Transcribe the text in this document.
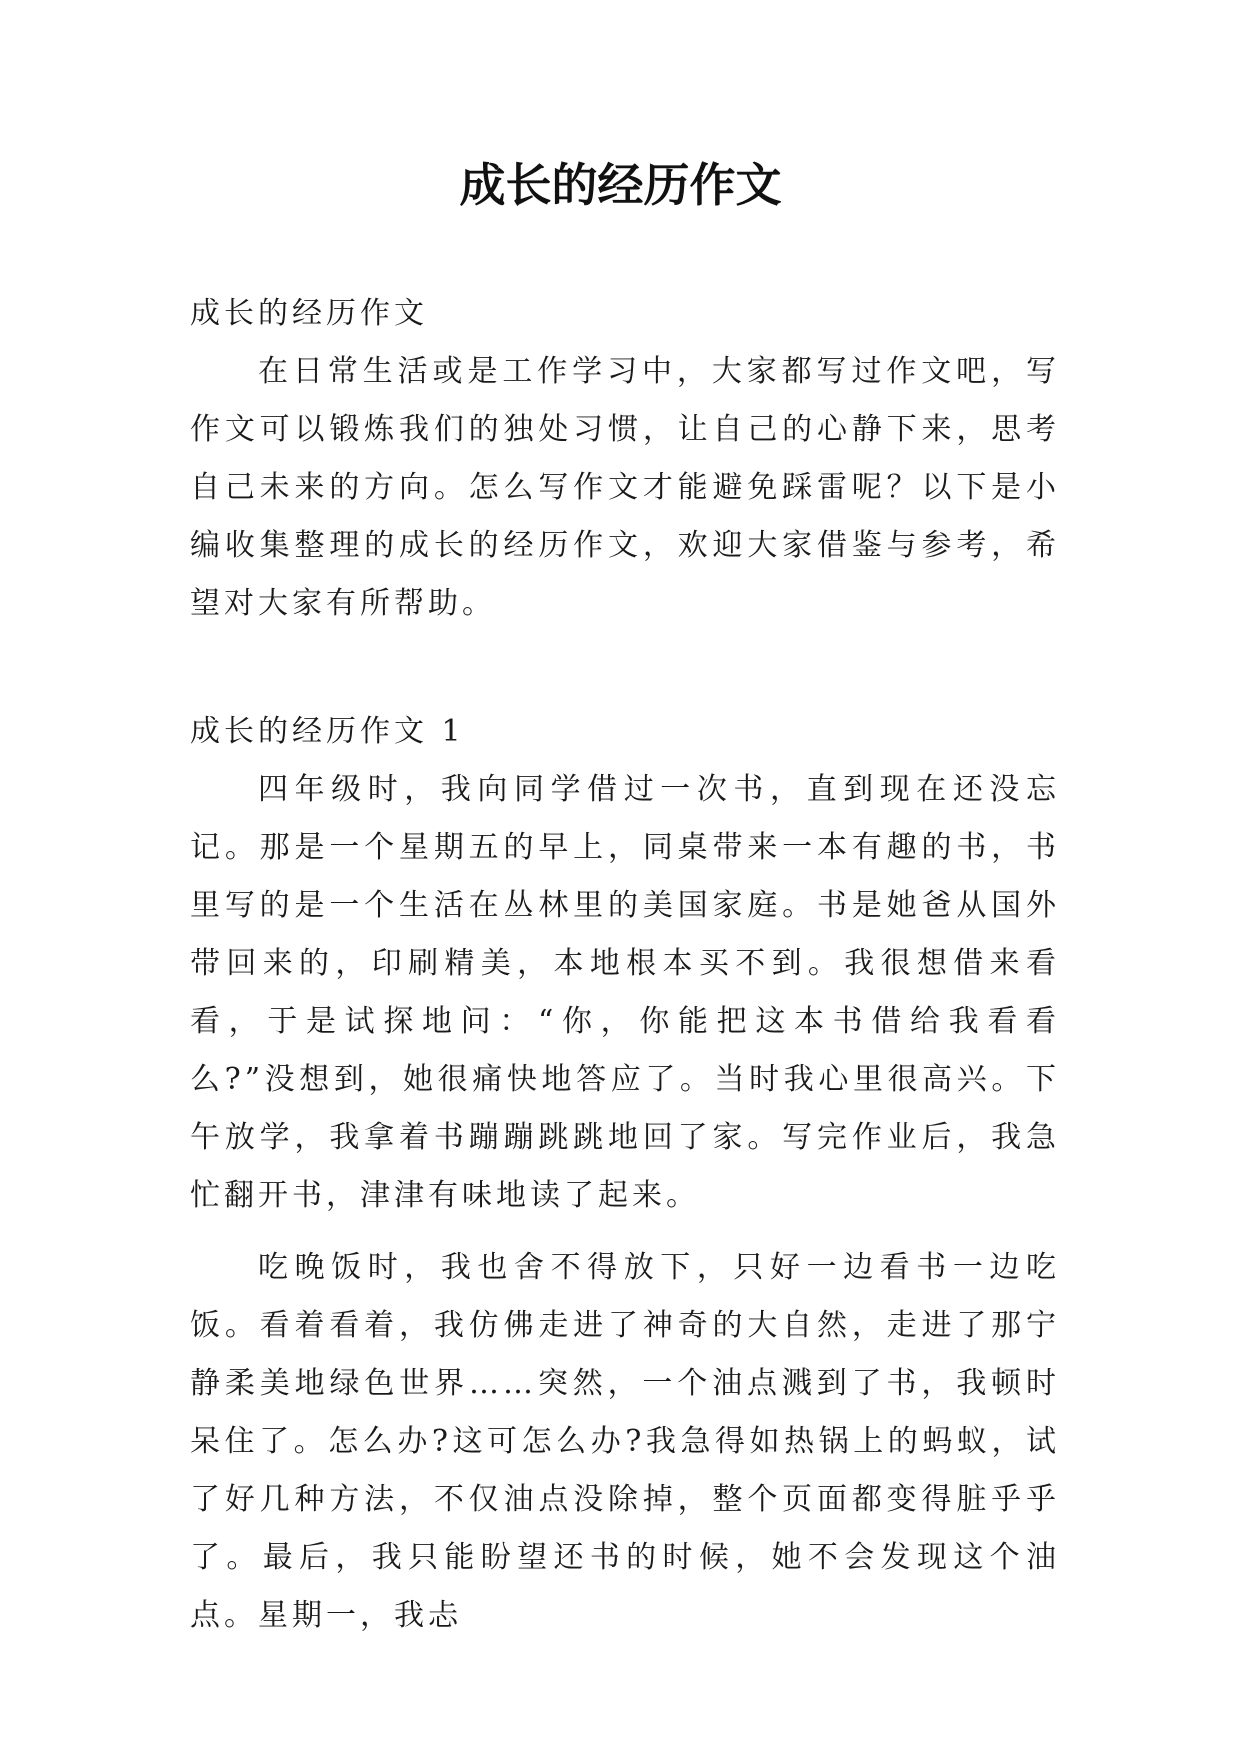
成长的经历作文

成长的经历作文

在日常生活或是工作学习中，大家都写过作文吧，写作文可以锻炼我们的独处习惯，让自己的心静下来，思考自己未来的方向。怎么写作文才能避免踩雷呢？以下是小编收集整理的成长的经历作文，欢迎大家借鉴与参考，希望对大家有所帮助。

成长的经历作文 1

四年级时，我向同学借过一次书，直到现在还没忘记。那是一个星期五的早上，同桌带来一本有趣的书，书里写的是一个生活在丛林里的美国家庭。书是她爸从国外带回来的，印刷精美，本地根本买不到。我很想借来看看，于是试探地问：“你，你能把这本书借给我看看么?”没想到，她很痛快地答应了。当时我心里很高兴。下午放学，我拿着书蹦蹦跳跳地回了家。写完作业后，我急忙翻开书，津津有味地读了起来。

吃晚饭时，我也舍不得放下，只好一边看书一边吃饭。看着看着，我仿佛走进了神奇的大自然，走进了那宁静柔美地绿色世界……突然，一个油点溅到了书，我顿时呆住了。怎么办?这可怎么办?我急得如热锅上的蚂蚁，试了好几种方法，不仅油点没除掉，整个页面都变得脏乎乎了。最后，我只能盼望还书的时候，她不会发现这个油点。星期一，我忐
